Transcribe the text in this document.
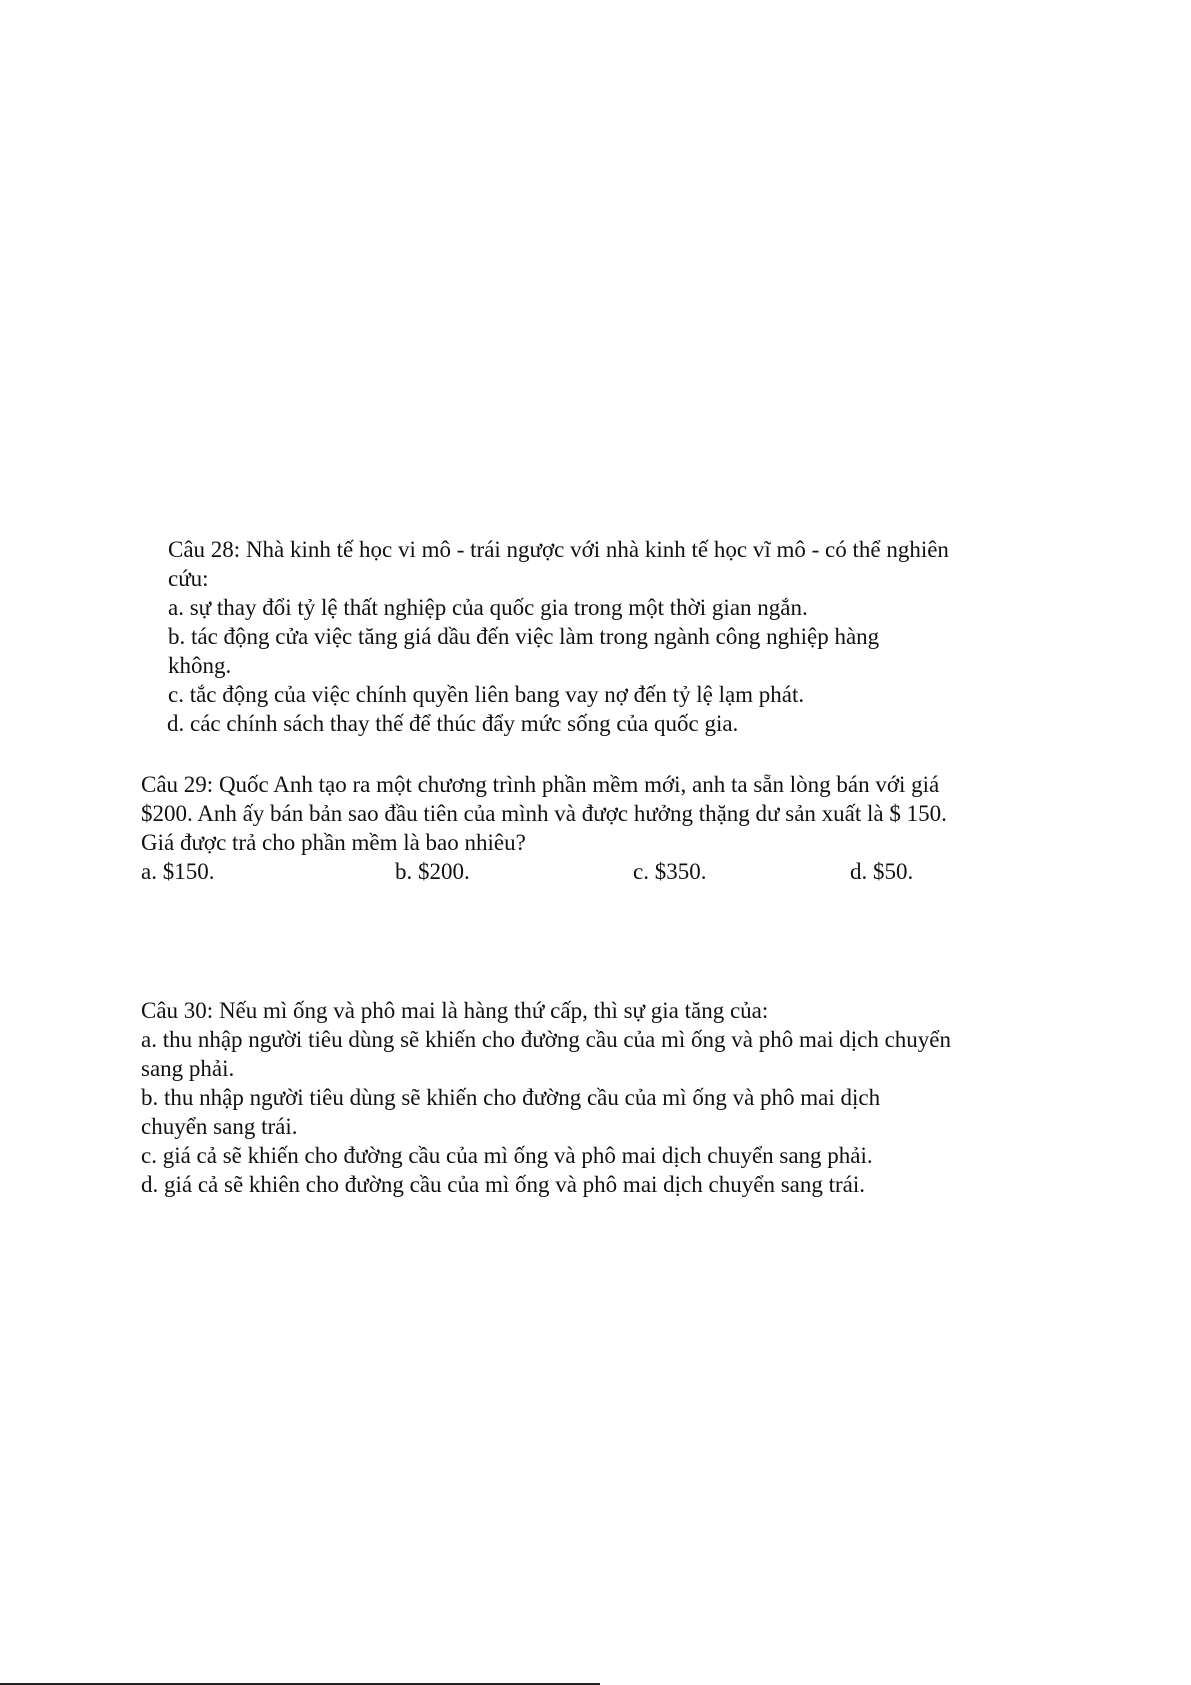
Câu 28: Nhà kinh tế học vi mô - trái ngược với nhà kinh tế học vĩ mô - có thể nghiên
cứu:
a. sự thay đổi tỷ lệ thất nghiệp của quốc gia trong một thời gian ngắn.
b. tác động cửa việc tăng giá dầu đến việc làm trong ngành công nghiệp hàng
không.
c. tắc động của việc chính quyền liên bang vay nợ đến tỷ lệ lạm phát.
d. các chính sách thay thế để thúc đẩy mức sống của quốc gia.
Câu 29: Quốc Anh tạo ra một chương trình phần mềm mới, anh ta sẵn lòng bán với giá
$200. Anh ấy bán bản sao đầu tiên của mình và được hưởng thặng dư sản xuất là $ 150.
Giá được trả cho phần mềm là bao nhiêu?
a. $150.	b. $200.	c. $350.	d. $50.
Câu 30: Nếu mì ống và phô mai là hàng thứ cấp, thì sự gia tăng của:
a. thu nhập người tiêu dùng sẽ khiến cho đường cầu của mì ống và phô mai dịch chuyển
sang phải.
b. thu nhập người tiêu dùng sẽ khiến cho đường cầu của mì ống và phô mai dịch
chuyển sang trái.
c. giá cả sẽ khiến cho đường cầu của mì ống và phô mai dịch chuyển sang phải.
d. giá cả sẽ khiên cho đường cầu của mì ống và phô mai dịch chuyển sang trái.
